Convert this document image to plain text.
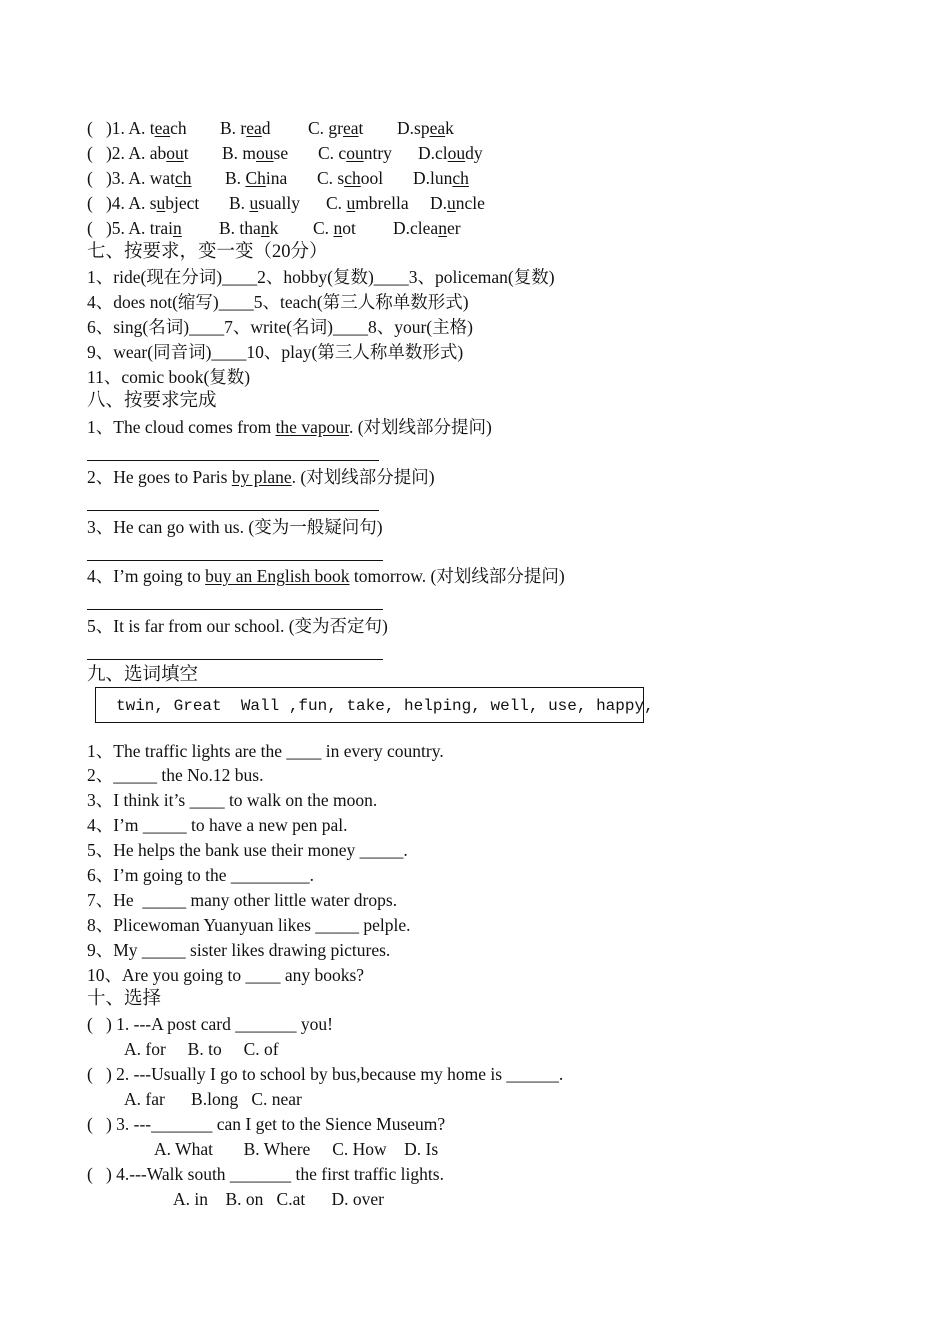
(   )1. A. teach B. read C. great D.speak
(   )2. A. about B. mouse C. country D.cloudy
(   )3. A. watch B. China C. school D.lunch
(   )4. A. subject B. usually C. umbrella D.uncle
(   )5. A. train B. thank C. not D.cleaner
七、按要求，变一变（20分）
1、ride(现在分词)____2、hobby(复数)____3、policeman(复数)
4、does not(缩写)____5、teach(第三人称单数形式)
6、sing(名词)____7、write(名词)____8、your(主格)
9、wear(同音词)____10、play(第三人称单数形式)
11、comic book(复数)
八、按要求完成
1、The cloud comes from the vapour. (对划线部分提问)
2、He goes to Paris by plane. (对划线部分提问)
3、He can go with us. (变为一般疑问句)
4、I’m going to buy an English book tomorrow. (对划线部分提问)
5、It is far from our school. (变为否定句)
九、选词填空
twin, Great  Wall ,fun, take, helping, well, use, happy,
1、The traffic lights are the ____ in every country.
2、_____ the No.12 bus.
3、I think it’s ____ to walk on the moon.
4、I’m _____ to have a new pen pal.
5、He helps the bank use their money _____.
6、I’m going to the _________.
7、He  _____ many other little water drops.
8、Plicewoman Yuanyuan likes _____ pelple.
9、My _____ sister likes drawing pictures.
10、Are you going to ____ any books?
十、选择
(   ) 1. ---A post card _______ you!
A. for     B. to     C. of
(   ) 2. ---Usually I go to school by bus,because my home is ______.
A. far      B.long   C. near
(   ) 3. ---_______ can I get to the Sience Museum?
A. What       B. Where     C. How    D. Is
(   ) 4.---Walk south _______ the first traffic lights.
A. in    B. on   C.at      D. over
